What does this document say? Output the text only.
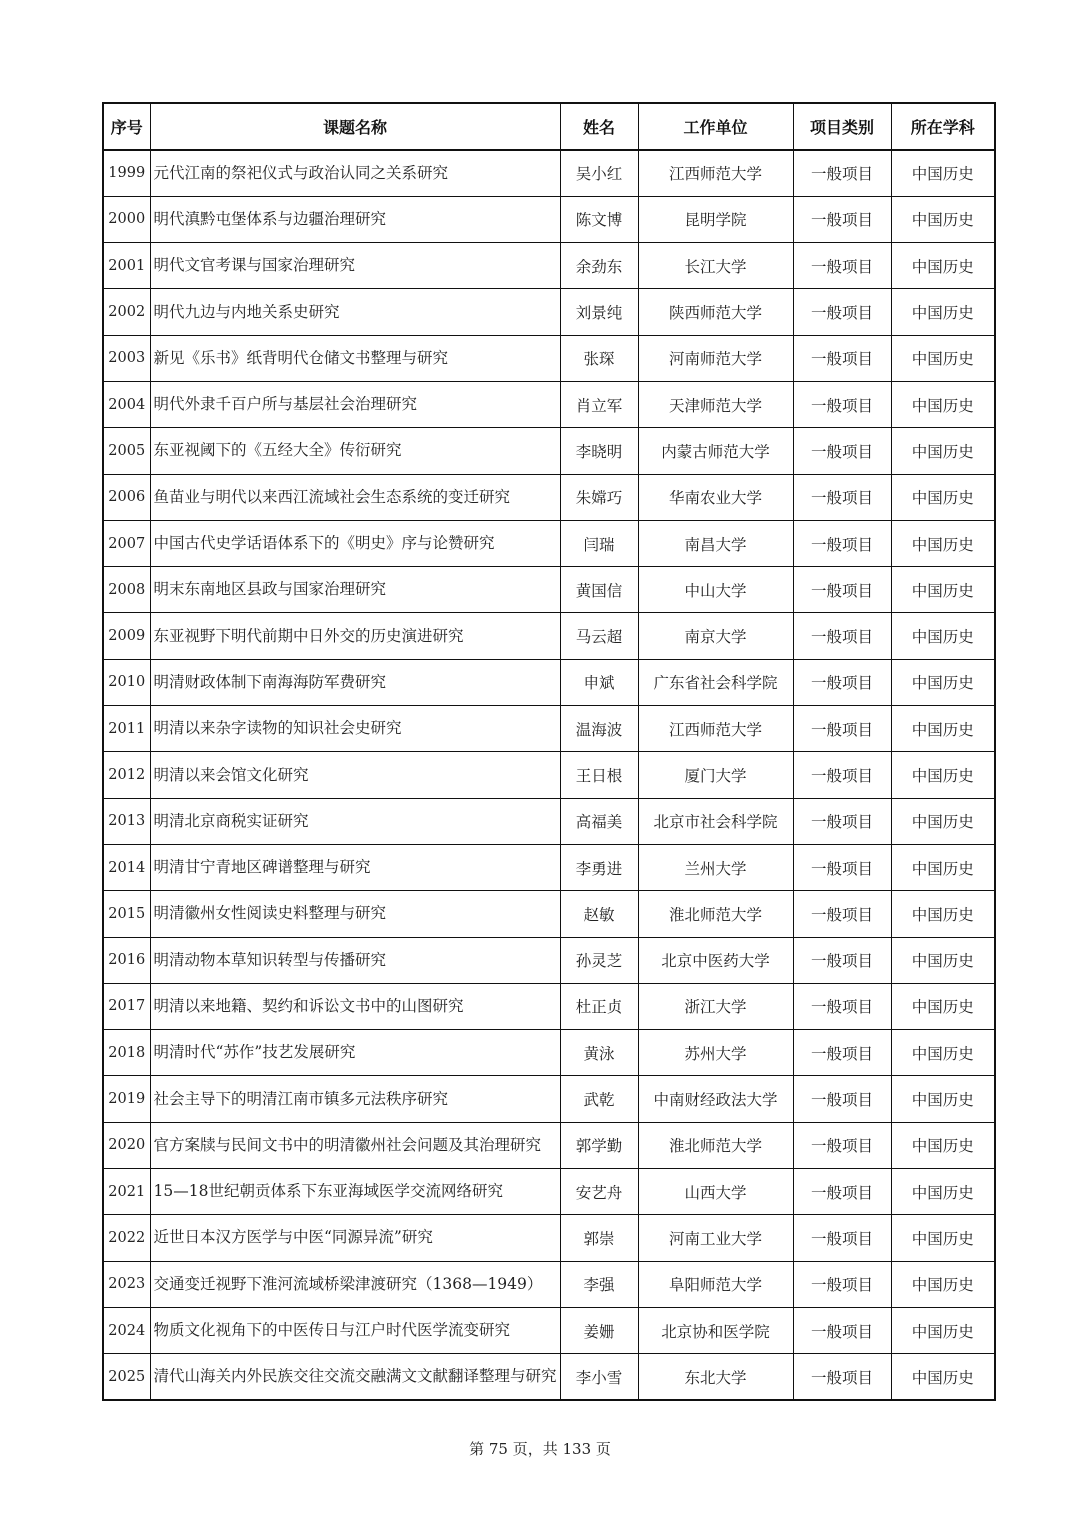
序号	课题名称	姓名	工作单位	项目类别	所在学科
1999	元代江南的祭祀仪式与政治认同之关系研究	吴小红	江西师范大学	一般项目	中国历史
2000	明代滇黔屯堡体系与边疆治理研究	陈文博	昆明学院	一般项目	中国历史
2001	明代文官考课与国家治理研究	余劲东	长江大学	一般项目	中国历史
2002	明代九边与内地关系史研究	刘景纯	陕西师范大学	一般项目	中国历史
2003	新见《乐书》纸背明代仓储文书整理与研究	张琛	河南师范大学	一般项目	中国历史
2004	明代外隶千百户所与基层社会治理研究	肖立军	天津师范大学	一般项目	中国历史
2005	东亚视阈下的《五经大全》传衍研究	李晓明	内蒙古师范大学	一般项目	中国历史
2006	鱼苗业与明代以来西江流域社会生态系统的变迁研究	朱嫦巧	华南农业大学	一般项目	中国历史
2007	中国古代史学话语体系下的《明史》序与论赞研究	闫瑞	南昌大学	一般项目	中国历史
2008	明末东南地区县政与国家治理研究	黄国信	中山大学	一般项目	中国历史
2009	东亚视野下明代前期中日外交的历史演进研究	马云超	南京大学	一般项目	中国历史
2010	明清财政体制下南海海防军费研究	申斌	广东省社会科学院	一般项目	中国历史
2011	明清以来杂字读物的知识社会史研究	温海波	江西师范大学	一般项目	中国历史
2012	明清以来会馆文化研究	王日根	厦门大学	一般项目	中国历史
2013	明清北京商税实证研究	高福美	北京市社会科学院	一般项目	中国历史
2014	明清甘宁青地区碑谱整理与研究	李勇进	兰州大学	一般项目	中国历史
2015	明清徽州女性阅读史料整理与研究	赵敏	淮北师范大学	一般项目	中国历史
2016	明清动物本草知识转型与传播研究	孙灵芝	北京中医药大学	一般项目	中国历史
2017	明清以来地籍、契约和诉讼文书中的山图研究	杜正贞	浙江大学	一般项目	中国历史
2018	明清时代“苏作”技艺发展研究	黄泳	苏州大学	一般项目	中国历史
2019	社会主导下的明清江南市镇多元法秩序研究	武乾	中南财经政法大学	一般项目	中国历史
2020	官方案牍与民间文书中的明清徽州社会问题及其治理研究	郭学勤	淮北师范大学	一般项目	中国历史
2021	15—18世纪朝贡体系下东亚海域医学交流网络研究	安艺舟	山西大学	一般项目	中国历史
2022	近世日本汉方医学与中医“同源异流”研究	郭崇	河南工业大学	一般项目	中国历史
2023	交通变迁视野下淮河流域桥梁津渡研究（1368—1949）	李强	阜阳师范大学	一般项目	中国历史
2024	物质文化视角下的中医传日与江户时代医学流变研究	姜姗	北京协和医学院	一般项目	中国历史
2025	清代山海关内外民族交往交流交融满文文献翻译整理与研究	李小雪	东北大学	一般项目	中国历史
第 75 页，共 133 页
